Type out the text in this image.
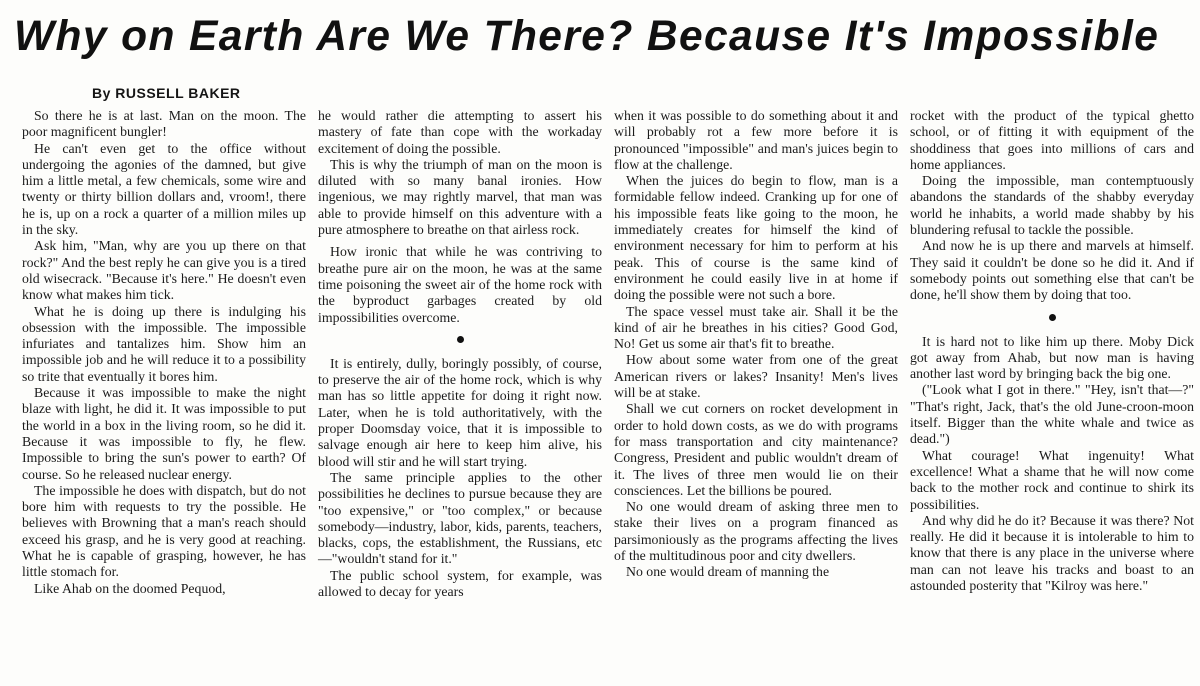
Why on Earth Are We There? Because It's Impossible
By RUSSELL BAKER

So there he is at last. Man on the moon. The poor magnificent bungler!

He can't even get to the office without undergoing the agonies of the damned, but give him a little metal, a few chemicals, some wire and twenty or thirty billion dollars and, vroom!, there he is, up on a rock a quarter of a million miles up in the sky.

Ask him, "Man, why are you up there on that rock?" And the best reply he can give you is a tired old wisecrack. "Because it's here." He doesn't even know what makes him tick.

What he is doing up there is indulging his obsession with the impossible. The impossible infuriates and tantalizes him. Show him an impossible job and he will reduce it to a possibility so trite that eventually it bores him.

Because it was impossible to make the night blaze with light, he did it. It was impossible to put the world in a box in the living room, so he did it. Because it was impossible to fly, he flew. Impossible to bring the sun's power to earth? Of course. So he released nuclear energy.

The impossible he does with dispatch, but do not bore him with requests to try the possible. He believes with Browning that a man's reach should exceed his grasp, and he is very good at reaching. What he is capable of grasping, however, he has little stomach for.

Like Ahab on the doomed Pequod,

he would rather die attempting to assert his mastery of fate than cope with the workaday excitement of doing the possible.

This is why the triumph of man on the moon is diluted with so many banal ironies. How ingenious, we may rightly marvel, that man was able to provide himself on this adventure with a pure atmosphere to breathe on that airless rock.

How ironic that while he was contriving to breathe pure air on the moon, he was at the same time poisoning the sweet air of the home rock with the byproduct garbages created by old impossibilities overcome.

It is entirely, dully, boringly possibly, of course, to preserve the air of the home rock, which is why man has so little appetite for doing it right now. Later, when he is told authoritatively, with the proper Doomsday voice, that it is impossible to salvage enough air here to keep him alive, his blood will stir and he will start trying.

The same principle applies to the other possibilities he declines to pursue because they are "too expensive," or "too complex," or because somebody—industry, labor, kids, parents, teachers, blacks, cops, the establishment, the Russians, etc—"wouldn't stand for it."

The public school system, for example, was allowed to decay for years

when it was possible to do something about it and will probably rot a few more before it is pronounced "impossible" and man's juices begin to flow at the challenge.

When the juices do begin to flow, man is a formidable fellow indeed. Cranking up for one of his impossible feats like going to the moon, he immediately creates for himself the kind of environment necessary for him to perform at his peak. This of course is the same kind of environment he could easily live in at home if doing the possible were not such a bore.

The space vessel must take air. Shall it be the kind of air he breathes in his cities? Good God, No! Get us some air that's fit to breathe.

How about some water from one of the great American rivers or lakes? Insanity! Men's lives will be at stake.

Shall we cut corners on rocket development in order to hold down costs, as we do with programs for mass transportation and city maintenance? Congress, President and public wouldn't dream of it. The lives of three men would lie on their consciences. Let the billions be poured.

No one would dream of asking three men to stake their lives on a program financed as parsimoniously as the programs affecting the lives of the multitudinous poor and city dwellers.

No one would dream of manning the

rocket with the product of the typical ghetto school, or of fitting it with equipment of the shoddiness that goes into millions of cars and home appliances.

Doing the impossible, man contemptuously abandons the standards of the shabby everyday world he inhabits, a world made shabby by his blundering refusal to tackle the possible.

And now he is up there and marvels at himself. They said it couldn't be done so he did it. And if somebody points out something else that can't be done, he'll show them by doing that too.

It is hard not to like him up there. Moby Dick got away from Ahab, but now man is having another last word by bringing back the big one.

("Look what I got in there." "Hey, isn't that—?" "That's right, Jack, that's the old June-croon-moon itself. Bigger than the white whale and twice as dead.")

What courage! What ingenuity! What excellence! What a shame that he will now come back to the mother rock and continue to shirk its possibilities.

And why did he do it? Because it was there? Not really. He did it because it is intolerable to him to know that there is any place in the universe where man can not leave his tracks and boast to an astounded posterity that "Kilroy was here."
